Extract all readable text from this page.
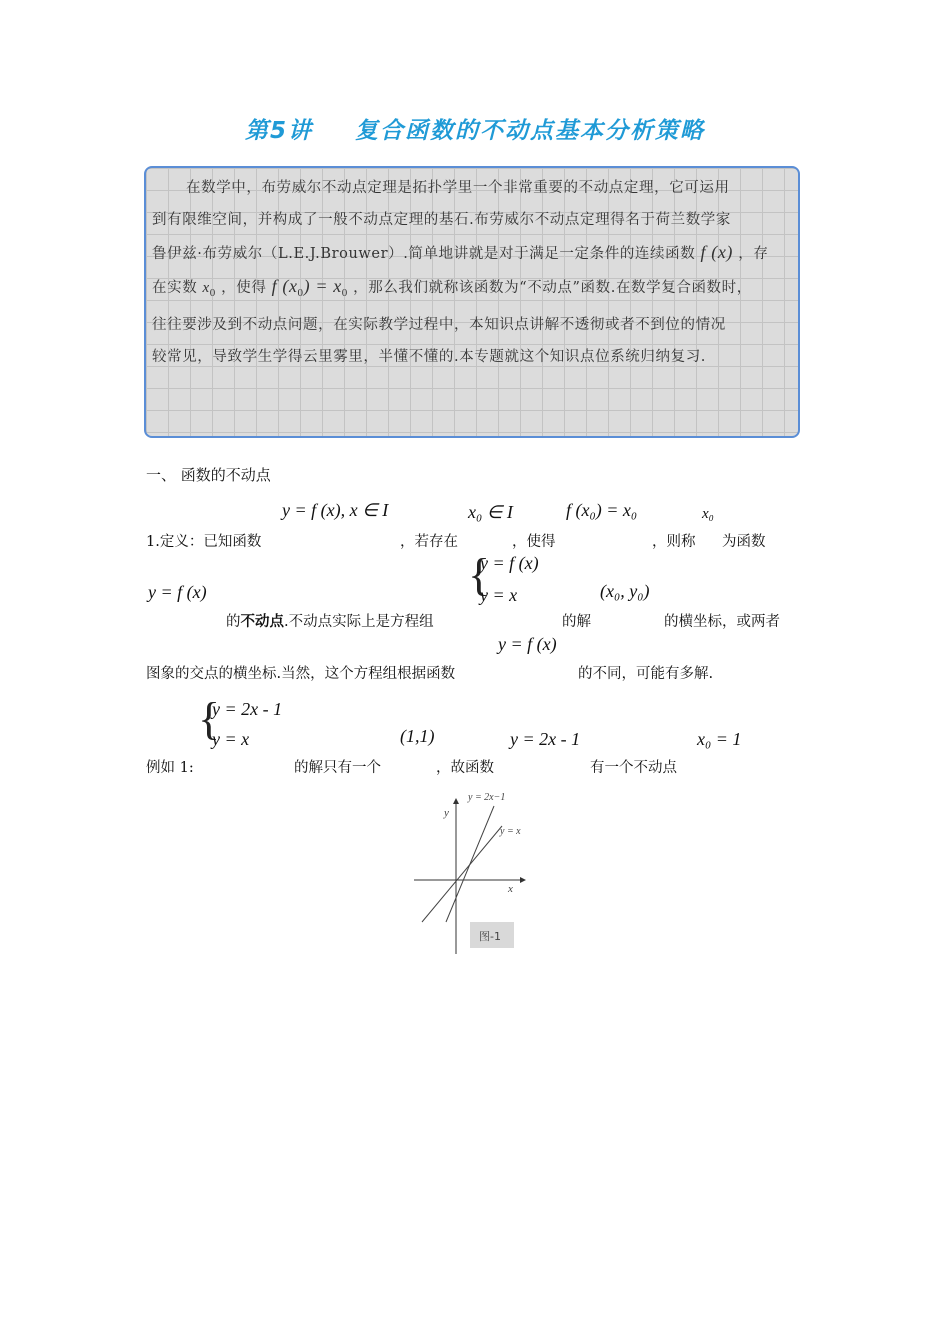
第5讲 复合函数的不动点基本分析策略
在数学中，布劳威尔不动点定理是拓扑学里一个非常重要的不动点定理，它可运用
到有限维空间，并构成了一般不动点定理的基石.布劳威尔不动点定理得名于荷兰数学家
鲁伊兹·布劳威尔（L.E.J.Brouwer）.简单地讲就是对于满足一定条件的连续函数 f (x) ，存
在实数 $x_0$ ，使得 f $(x_0) = x_0$ ，那么我们就称该函数为“不动点”函数.在数学复合函数时，
往往要涉及到不动点问题，在实际教学过程中，本知识点讲解不透彻或者不到位的情况
较常见，导致学生学得云里雾里，半懂不懂的.本专题就这个知识点位系统归纳复习.
一、 函数的不动点
y = f (x), x ∈ I	x₀ ∈ I	f (x₀) = x₀	x₀
1.定义：已知函数	，若存在	，使得	，则称 为函数
y = f (x)	{
y = f (x)
y = x	(x₀, y₀)
的不动点.不动点实际上是方程组	的解	的横坐标，或两者
y = f (x)
图象的交点的横坐标.当然，这个方程组根据函数	的不同，可能有多解.
{
y = 2x - 1
y = x	(1,1)	y = 2x - 1	x₀ = 1
例如 1:	的解只有一个	，故函数	有一个不动点
y = 2x−1
y = x
y
x
图-1
